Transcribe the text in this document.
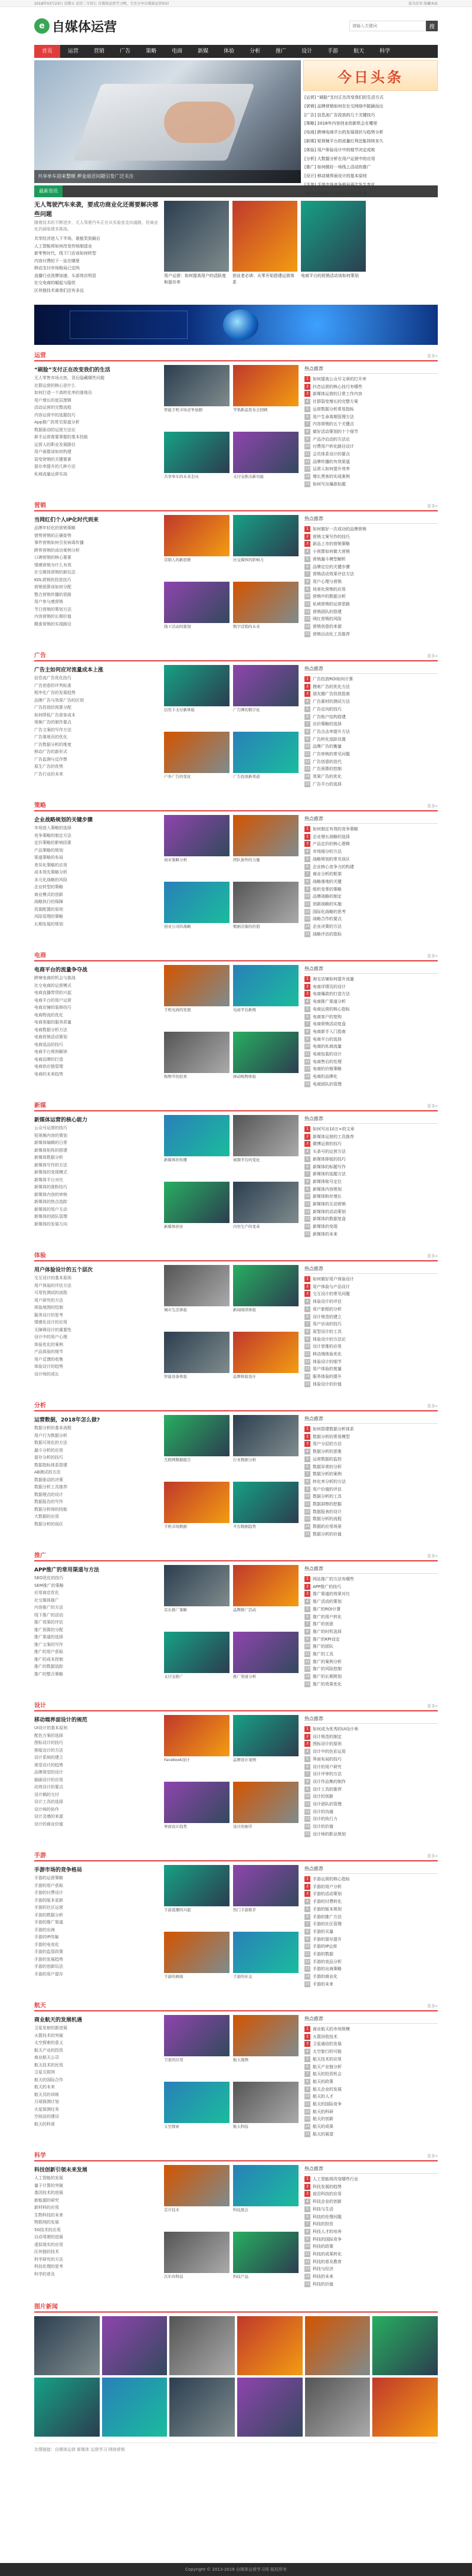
2018年03月23日 星期五 农历二月初七 自媒体运营学习网，专注分享自媒体运营知识	设为首页 收藏本站
e 自媒体运营
请输入关键词	搜
首页	运营	营销	广告	策略	电商	新媒	体验	分析	推广	设计	手游	航天	科学
共享单车迎来整顿 押金退还问题引发广泛关注
今日头条
[运营] “刷脸”支付正在改变我们的生活方式
[营销] 品牌营销如何在社交网络中脱颖而出
[广告] 信息流广告投放的几个关键技巧
[策略] 2018年内容创业的新机会在哪里
[电商] 跨境电商平台的发展现状与趋势分析
[新媒] 短视频平台的流量红利还能持续多久
[体验] 用户体验设计中的细节决定成败
[分析] 大数据分析在用户运营中的应用
[推广] 如何做好一场线上活动的推广
[设计] 移动端界面设计的基本原则
[手游] 手游市场竞争格局再次发生变化
[航天] 商业航天迎来新的发展机遇
最新资讯
无人驾驶汽车来袭，要成功商业化还需要解决哪些问题

随着技术的不断进步，无人驾驶汽车正在从实验室走向道路，但商业化仍面临诸多挑战。

共享经济进入下半场，谁能笑到最后
人工智能将如何改变传统制造业
新零售时代，线下门店该如何转型
内容付费的下一站在哪里
移动支付市场格局已定吗
直播行业洗牌加速，头部效应明显
社交电商的崛起与隐忧
区块链技术离我们还有多远
用户运营：如何提高用户的活跃度和留存率
创业者必读：从零开始搭建运营体系
电商平台的促销活动该如何策划
运营	更多»
“刷脸”支付正在改变我们的生活
无人零售市场火热，背后隐藏哪些问题
社群运营的核心是什么
如何打造一个高转化率的落地页
用户增长的底层逻辑
活动运营的完整流程
内容运营中的选题技巧
App推广的常见渠道分析
数据驱动的运营方法论
新手运营需要掌握的基本技能
运营人的职业发展路径
用户画像该如何构建
裂变营销的关键要素
留存率提升的几种方法
私域流量运营实战
智能手机市场竞争加剧	苹果新品发布会回顾
共享单车的未来走向	支付宝推出新功能
热点推荐
1	如何提高公众号文章的打开率
2	抖音运营的核心技巧有哪些
3	新媒体运营的日常工作内容
4	社群裂变增长的完整方案
5	运营数据分析常用指标
6	用户生命周期管理方法
7	内容营销的五个关键点
8	做好活动策划的十个细节
9	产品冷启动的方法论
10 付费用户转化路径设计
11 会员体系设计的要点
12 品牌传播的有效渠道
13 运营人如何提升效率
14 增长黑客的实战案例
15 如何写出爆款标题
营销	更多»
当网红们个人IP化时代到来
品牌年轻化的营销策略
借势营销的正确姿势
事件营销如何引发病毒传播
跨界营销的成功案例分析
口碑营销的核心要素
情感营销为什么有效
社交媒体营销的新玩法
KOL营销的投放技巧
营销预算该如何分配
整合营销传播的思路
用户参与感营销
节日营销的策划方法
内容营销的长期价值
精准营销的实现路径
营销人的新思维	社交媒体的影响力
线下活动的策划	数字营销的未来
热点推荐
1	如何做好一次成功的品牌营销
2	营销文案写作的技巧
3	新品上市的营销策略
4	小预算如何做大营销
5	营销漏斗模型解析
6	品牌定位的关键步骤
7	营销活动效果评估方法
8	用户心理与营销
9	场景化营销的应用
10 营销中的数据分析
11 私域营销的运营思路
12 营销团队的搭建
13 网红营销的风险
14 营销创意的来源
15 营销自动化工具推荐
广告	更多»
广告主如何应对流量成本上涨
信息流广告优化技巧
广告创意的评判标准
程序化广告的发展趋势
品牌广告与效果广告的区别
广告投放的预算分配
如何降低广告获客成本
视频广告的制作要点
广告文案的写作方法
广告落地页的优化
广告数据分析的维度
移动广告的新形式
广告监测与反作弊
原生广告的优势
广告行业的未来
信用卡支付新体验	广告牌的数字化
户外广告的变化	广告投放新渠道
热点推荐
1	广告投放ROI如何计算
2	搜索广告的优化方法
3	朋友圈广告投放指南
4	广告素材的测试方法
5	广告定向的技巧
6	广告账户结构搭建
7	出价策略的选择
8	广告点击率提升方法
9	广告转化追踪设置
10 品牌广告的衡量
11 广告审核的常见问题
12 广告创意的迭代
13 广告预算的控制
14 效果广告的优化
15 广告平台的选择
策略	更多»
企业战略规划的关键步骤
市场进入策略的选择
竞争策略的制定方法
定价策略的影响因素
产品策略的规划
渠道策略的布局
差异化策略的应用
成本领先策略分析
多元化战略的风险
企业转型的策略
商业模式的创新
战略执行的保障
资源配置的原则
风险管理的策略
长期发展的规划
商业策略分析	团队协作的力量
创业公司的战略	数据决策的价值
热点推荐
1	如何制定有效的竞争策略
2	企业增长战略的选择
3	产品定价的核心逻辑
4	市场细分的方法
5	战略规划的常见误区
6	企业核心竞争力的构建
7	商业分析的框架
8	战略落地的关键
9	组织变革的策略
10 品牌战略的制定
11 创新战略的实施
12 国际化战略的思考
13 战略合作的要点
14 企业决策的方法
15 战略评估的指标
电商	更多»
电商平台的流量争夺战
跨境电商的机会与挑战
社交电商的运营模式
电商直播带货的兴起
电商平台的用户运营
电商店铺的装修技巧
电商物流的优化
电商客服的服务质量
电商数据分析方法
电商促销活动策划
电商选品的技巧
电商平台规则解读
电商品牌的打造
电商供应链管理
电商的未来趋势
手机电商的发展	电商平台新规
购物节的狂欢	移动购物体验
热点推荐
1	淘宝店铺如何提升流量
2	电商详情页的设计
3	电商爆款的打造方法
4	电商推广渠道分析
5	电商运营的核心指标
6	电商客户的复购
7	电商营销活动复盘
8	电商新手入门指南
9	电商平台的选择
10 电商的私域流量
11 电商包装的设计
12 电商售后的处理
13 电商的价格策略
14 电商的品牌化
15 电商团队的管理
新媒	更多»
新媒体运营的核心能力
公众号运营的技巧
短视频内容的策划
新媒体编辑的日常
新媒体矩阵的搭建
新媒体数据分析
新媒体写作的方法
新媒体的变现模式
新媒体平台对比
新媒体的涨粉技巧
新媒体内容的审核
新媒体的热点追踪
新媒体的用户互动
新媒体的团队管理
新媒体的发展方向
新媒体的传播	视频平台的变化
新媒体创业	内容生产的变革
热点推荐
1	如何写出10万+的文章
2	新媒体运营的工具推荐
3	微博运营的技巧
4	头条号的运营方法
5	新媒体排版的技巧
6	新媒体的标题写作
7	新媒体的选题方法
8	新媒体账号定位
9	新媒体内容规划
10 新媒体粉丝增长
11 新媒体的互动营销
12 新媒体的活动策划
13 新媒体的数据复盘
14 新媒体的变现
15 新媒体的未来
体验	更多»
用户体验设计的五个层次
交互设计的基本原则
用户体验的评估方法
可用性测试的流程
用户研究的方法
体验地图的绘制
服务设计的思考
情感化设计的应用
无障碍设计的重要性
设计中的用户心理
体验优化的案例
产品体验的细节
用户反馈的收集
体验设计的趋势
设计师的成长
城市生活体验	新闻阅读体验
智能设备体验	品牌体验设计
热点推荐
1	如何做好用户体验设计
2	用户体验与产品设计
3	交互设计的常见问题
4	体验设计的评估
5	用户旅程的分析
6	设计规范的建立
7	用户访谈的技巧
8	原型设计的工具
9	体验设计的方法论
10 设计思维的应用
11 移动端体验优化
12 体验设计的细节
13 用户体验的度量
14 服务体验的提升
15 体验设计的价值
分析	更多»
运营数据，2018年怎么做?
数据分析的基本流程
用户行为数据分析
数据可视化的方法
漏斗分析的应用
留存分析的技巧
数据指标体系搭建
AB测试的方法
数据驱动的决策
数据分析工具推荐
数据埋点的设计
数据报告的写作
数据分析师的技能
大数据的应用
数据分析的误区
互联网数据报告	行业数据分析
手机市场数据	平台数据趋势
热点推荐
1	如何搭建数据分析体系
2	数据分析的常用模型
3	用户分层的方法
4	数据分析的思维
5	运营数据的监控
6	数据异常的分析
7	数据分析的案例
8	转化率分析的方法
9	用户价值的评估
10 数据分析的工具
11 数据洞察的挖掘
12 数据报表的设计
13 数据分析的流程
14 数据的应用场景
15 数据分析的价值
推广	更多»
APP推广的常用渠道与方法
SEO优化的技巧
SEM推广的策略
应用商店优化
社交媒体推广
内容推广的方法
线下推广的活动
推广效果的评估
推广预算的分配
推广渠道的选择
推广文案的写作
推广的用户获取
推广的成本控制
推广的数据追踪
推广的整合策略
京东推广策略	品牌推广活动
支付宝推广	推广渠道分析
热点推荐
1	网站推广的方法有哪些
2	APP推广的技巧
3	推广渠道的效果对比
4	推广活动的策划
5	推广的ROI计算
6	推广的用户转化
7	推广的创意
8	推广的时机选择
9	推广的KPI设定
10 推广的团队
11 推广的工具
12 推广的案例分析
13 推广的风险控制
14 推广的长期规划
15 推广的效果优化
设计	更多»
移动端界面设计的规范
UI设计的基本原则
配色方案的选择
图标设计的技巧
排版设计的方法
设计系统的建立
视觉设计的趋势
品牌视觉的设计
插画设计的应用
动效设计的要点
设计稿的交付
设计工具的选择
设计师的协作
设计灵感的来源
设计的商业价值
Facebook设计	品牌设计案例
界面设计趋势	设计的细节
热点推荐
1	如何成为优秀的UI设计师
2	设计规范的制定
3	图标设计的原则
4	设计中的色彩运用
5	界面布局的技巧
6	设计的用户研究
7	设计评审的方法
8	设计作品集的制作
9	设计工具的推荐
10 设计的创新
11 设计团队的管理
12 设计的沟通
13 设计的执行力
14 设计的价值
15 设计师的职业规划
手游	更多»
手游市场的竞争格局
手游的运营策略
手游的用户获取
手游的付费设计
手游的版本更新
手游的社区运营
手游的数据分析
手游的推广渠道
手游的出海
手游的IP改编
手游的电竞化
手游的监管政策
手游的发展趋势
手游的创新玩法
手游的用户留存
手游直播的兴起	热门手游推荐
手游的画面	手游的社交
热点推荐
1	手游运营的核心指标
2	手游的用户分析
3	手游的活动策划
4	手游的付费转化
5	手游的版本规划
6	手游的推广方法
7	手游的社区管理
8	手游的买量
9	手游的留存提升
10 手游的IP运营
11 手游的数据
12 手游的竞品分析
13 手游的出海策略
14 手游的商业化
15 手游的未来
航天	更多»
商业航天的发展机遇
卫星发射的新进展
火箭技术的突破
太空探索的意义
航天产业的投资
商业航天公司
航天技术的民用
卫星互联网
航天的国际合作
航天的未来
航天员的训练
月球探测计划
火星探测任务
空间站的建设
航天的科普
卫星的应用	航天地图
太空探索	航天科技
热点推荐
1	商业航天的市场规模
2	火箭回收技术
3	卫星通信的发展
4	太空旅行的可能
5	航天技术的应用
6	航天产业链分析
7	航天的投资机会
8	航天的政策
9	航天企业的发展
10 航天的人才
11 航天的国际竞争
12 航天的科研
13 航天的创新
14 航天的成果
15 航天的展望
科学	更多»
科技创新引领未来发展
人工智能的发展
量子计算的突破
基因技术的进展
新能源的研究
新材料的应用
生物科技的未来
物联网的发展
5G技术的应用
自动驾驶的进展
虚拟现实的应用
区块链的技术
科学研究的方法
科技伦理的思考
科学的普及
芯片技术	科技展会
沃尔玛科技	科技产品
热点推荐
1	人工智能将改变哪些行业
2	科技发展的趋势
3	前沿科技的应用
4	科技企业的创新
5	科技与生活
6	科技的伦理问题
7	科技的投资
8	科技人才的培养
9	科技的国际竞争
10 科技的政策
11 科技的成果转化
12 科技的普及教育
13 科技与经济
14 科技的未来
15 科技的价值
图片新闻
友情链接：自媒体运营 新媒体 运营学习 网络营销
Copyright © 2013-2018 自媒体运营学习网 版权所有
